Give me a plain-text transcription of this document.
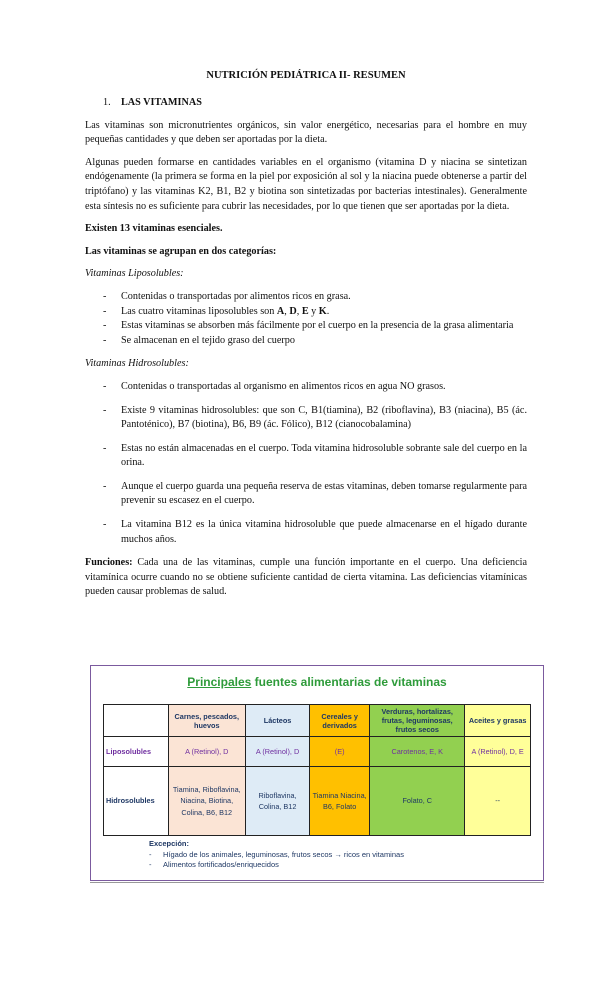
NUTRICIÓN PEDIÁTRICA II- RESUMEN
1. LAS VITAMINAS

Las vitaminas son micronutrientes orgánicos, sin valor energético, necesarias para el hombre en muy pequeñas cantidades y que deben ser aportadas por la dieta.

Algunas pueden formarse en cantidades variables en el organismo (vitamina D y niacina se sintetizan endógenamente (la primera se forma en la piel por exposición al sol y la niacina puede obtenerse a partir del triptófano) y las vitaminas K2, B1, B2 y biotina son sintetizadas por bacterias intestinales). Generalmente esta síntesis no es suficiente para cubrir las necesidades, por lo que tienen que ser aportadas por la dieta.

Existen 13 vitaminas esenciales.

Las vitaminas se agrupan en dos categorías:

Vitaminas Liposolubles:

- Contenidas o transportadas por alimentos ricos en grasa.
- Las cuatro vitaminas liposolubles son A, D, E y K.
- Estas vitaminas se absorben más fácilmente por el cuerpo en la presencia de la grasa alimentaria
- Se almacenan en el tejido graso del cuerpo

Vitaminas Hidrosolubles:

- Contenidas o transportadas al organismo en alimentos ricos en agua NO grasos.
- Existe 9 vitaminas hidrosolubles: que son C, B1(tiamina), B2 (riboflavina), B3 (niacina), B5 (ác. Pantoténico), B7 (biotina), B6, B9 (ác. Fólico), B12 (cianocobalamina)
- Estas no están almacenadas en el cuerpo. Toda vitamina hidrosoluble sobrante sale del cuerpo en la orina.
- Aunque el cuerpo guarda una pequeña reserva de estas vitaminas, deben tomarse regularmente para prevenir su escasez en el cuerpo.
- La vitamina B12 es la única vitamina hidrosoluble que puede almacenarse en el hígado durante muchos años.

Funciones: Cada una de las vitaminas, cumple una función importante en el cuerpo. Una deficiencia vitamínica ocurre cuando no se obtiene suficiente cantidad de cierta vitamina. Las deficiencias vitamínicas pueden causar problemas de salud.

Principales fuentes alimentarias de vitaminas
	Carnes, pescados, huevos	Lácteos	Cereales y derivados	Verduras, hortalizas, frutas, leguminosas, frutos secos	Aceites y grasas
Liposolubles	A (Retinol), D	A (Retinol), D	(E)	Carotenos, E, K	A (Retinol), D, E
Hidrosolubles	Tiamina, Riboflavina, Niacina, Biotina, Colina, B6, B12	Riboflavina, Colina, B12	Tiamina Niacina, B6, Folato	Folato, C	--
Excepción:
- Hígado de los animales, leguminosas, frutos secos → ricos en vitaminas
- Alimentos fortificados/enriquecidos
